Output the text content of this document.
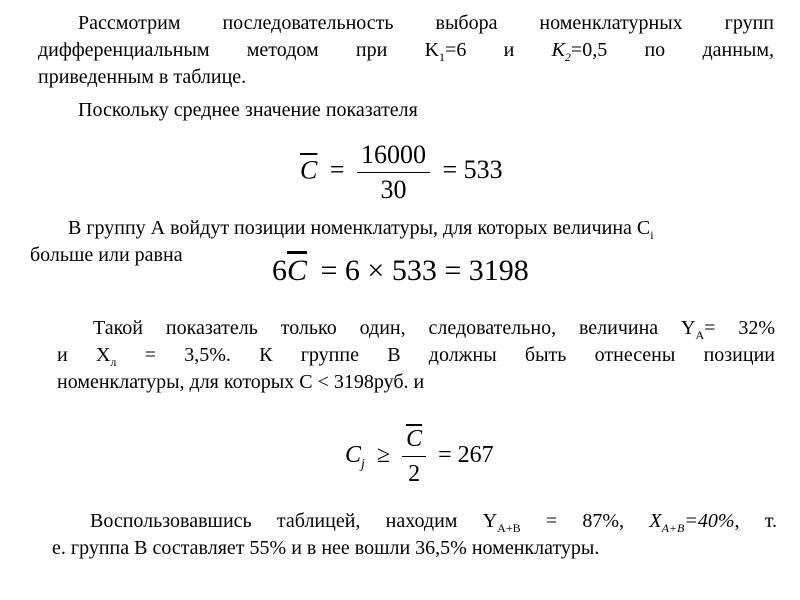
Рассмотрим последовательность выбора номенклатурных групп
дифференциальным методом при $K_1=6$ и $K_2=0,5$ по данным,
приведенным в таблице.
Поскольку среднее значение показателя
$\overline{C} = \frac{16000}{30} = 533$
В группу А войдут позиции номенклатуры, для которых величина $C_i$
больше или равна	$6\overline{C} = 6 \times 533 = 3198$
Такой показатель только один, следовательно, величина $Y_A= 32\%$
и $X_л = 3,5\%$. К группе В должны быть отнесены позиции
номенклатуры, для которых С < 3198руб. и
$C_j \ge \frac{\overline{C}}{2} = 267$
Воспользовавшись таблицей, находим $Y_{A+B} = 87\%$, $X_{A+B}=40\%$, т.
е. группа В составляет 55% и в нее вошли 36,5% номенклатуры.
